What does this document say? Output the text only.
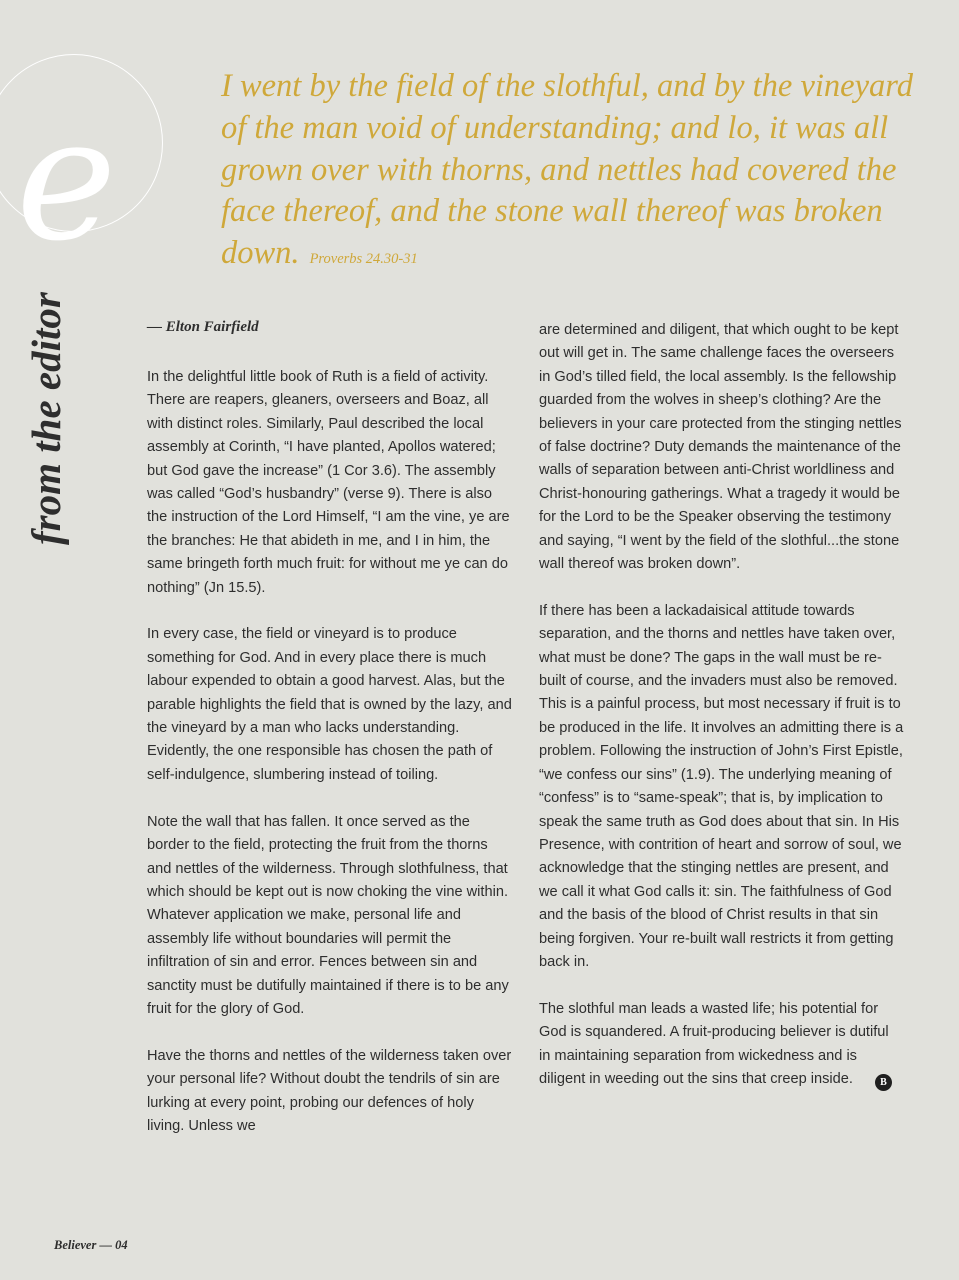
e

from the editor

I went by the field of the slothful, and by the vineyard of the man void of understanding; and lo, it was all grown over with thorns, and nettles had covered the face thereof, and the stone wall thereof was broken down. Proverbs 24.30-31

— Elton Fairfield

In the delightful little book of Ruth is a field of activity. There are reapers, gleaners, overseers and Boaz, all with distinct roles. Similarly, Paul described the local assembly at Corinth, “I have planted, Apollos watered; but God gave the increase” (1 Cor 3.6). The assembly was called “God’s husbandry” (verse 9). There is also the instruction of the Lord Himself, “I am the vine, ye are the branches: He that abideth in me, and I in him, the same bringeth forth much fruit: for without me ye can do nothing” (Jn 15.5).

In every case, the field or vineyard is to produce something for God. And in every place there is much labour expended to obtain a good harvest. Alas, but the parable highlights the field that is owned by the lazy, and the vineyard by a man who lacks understanding. Evidently, the one responsible has chosen the path of self-indulgence, slumbering instead of toiling.

Note the wall that has fallen. It once served as the border to the field, protecting the fruit from the thorns and nettles of the wilderness. Through slothfulness, that which should be kept out is now choking the vine within. Whatever application we make, personal life and assembly life without boundaries will permit the infiltration of sin and error. Fences between sin and sanctity must be dutifully maintained if there is to be any fruit for the glory of God.

Have the thorns and nettles of the wilderness taken over your personal life? Without doubt the tendrils of sin are lurking at every point, probing our defences of holy living. Unless we

are determined and diligent, that which ought to be kept out will get in. The same challenge faces the overseers in God’s tilled field, the local assembly. Is the fellowship guarded from the wolves in sheep’s clothing? Are the believers in your care protected from the stinging nettles of false doctrine? Duty demands the maintenance of the walls of separation between anti-Christ worldliness and Christ-honouring gatherings. What a tragedy it would be for the Lord to be the Speaker observing the testimony and saying, “I went by the field of the slothful...the stone wall thereof was broken down”.

If there has been a lackadaisical attitude towards separation, and the thorns and nettles have taken over, what must be done? The gaps in the wall must be re-built of course, and the invaders must also be removed. This is a painful process, but most necessary if fruit is to be produced in the life. It involves an admitting there is a problem. Following the instruction of John’s First Epistle, “we confess our sins” (1.9). The underlying meaning of “confess” is to “same-speak”; that is, by implication to speak the same truth as God does about that sin. In His Presence, with contrition of heart and sorrow of soul, we acknowledge that the stinging nettles are present, and we call it what God calls it: sin. The faithfulness of God and the basis of the blood of Christ results in that sin being forgiven. Your re-built wall restricts it from getting back in.

The slothful man leads a wasted life; his potential for God is squandered. A fruit-producing believer is dutiful in maintaining separation from wickedness and is diligent in weeding out the sins that creep inside.	B

Believer — 04
